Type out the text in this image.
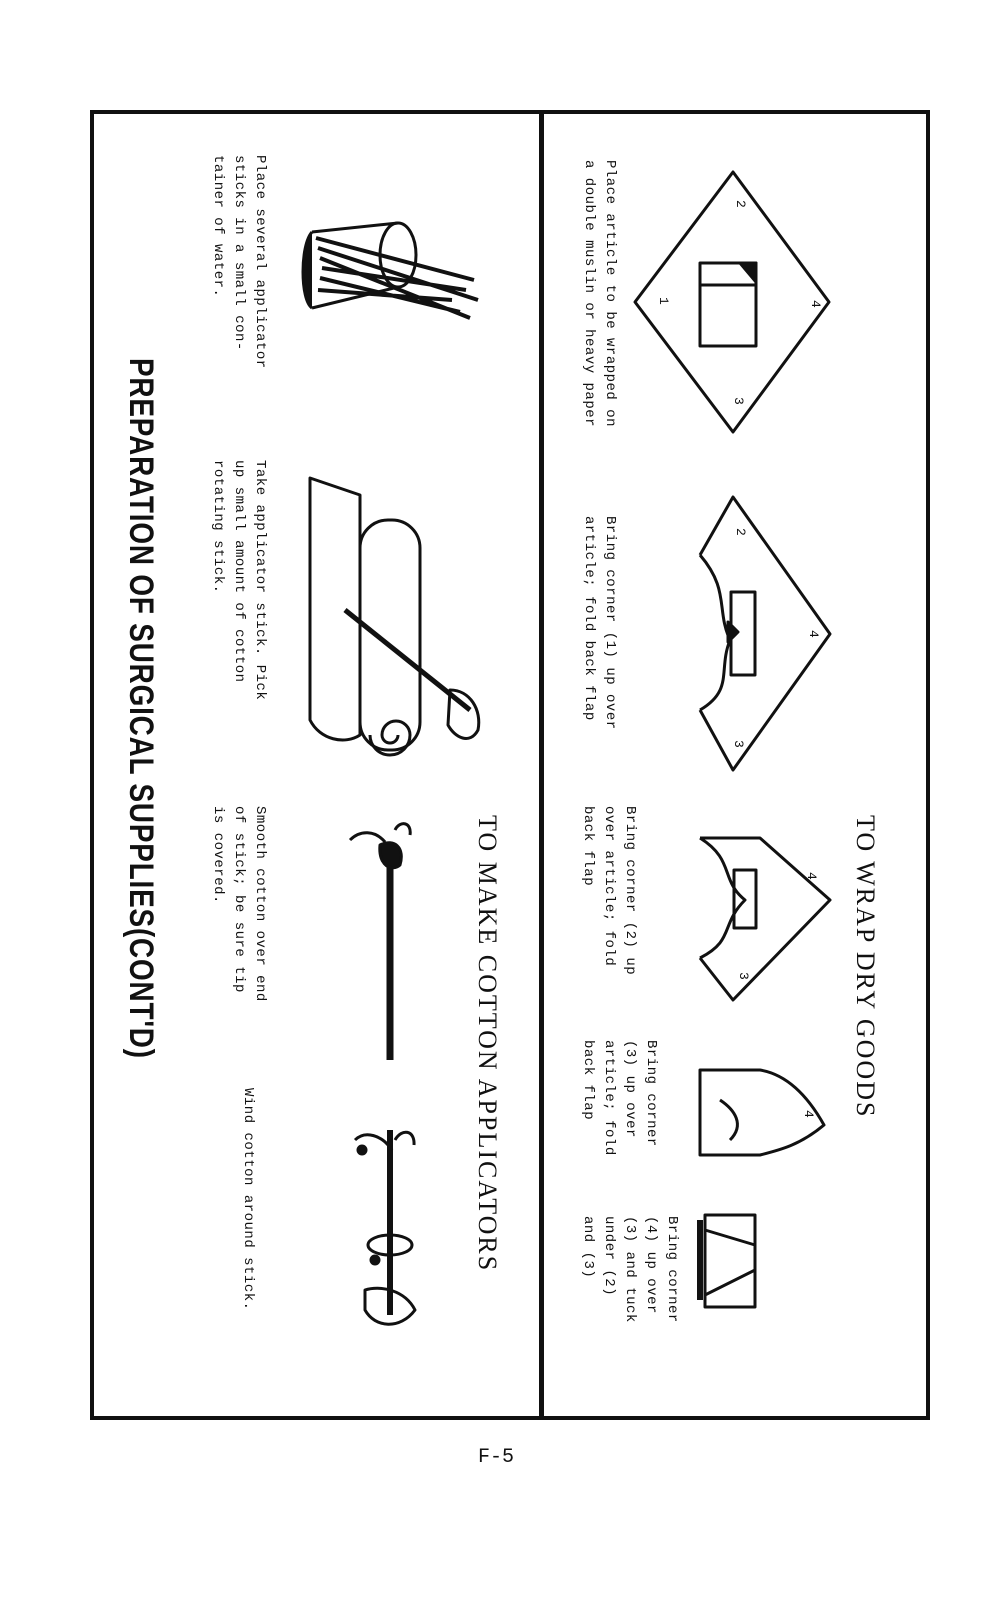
2
4
3
1
2
4
3
4
3
4 TO WRAP DRY GOODS
TO MAKE COTTON APPLICATORS
PREPARATION OF SURGICAL SUPPLIES(CONT'D)
Place article to be wrapped on
a double muslin or heavy paper
Bring corner (1) up over
article; fold back flap
Bring corner (2) up
over article; fold
back flap
Bring corner
(3) up over
article; fold
back flap
Bring corner
(4) up over
(3) and tuck
under (2)
and (3)
Place several applicator
sticks in a small con-
tainer of water.
Take applicator stick. Pick
up small amount of cotton
rotating stick.
Smooth cotton over end
of stick; be sure tip
is covered.
Wind cotton around stick.
F-5
